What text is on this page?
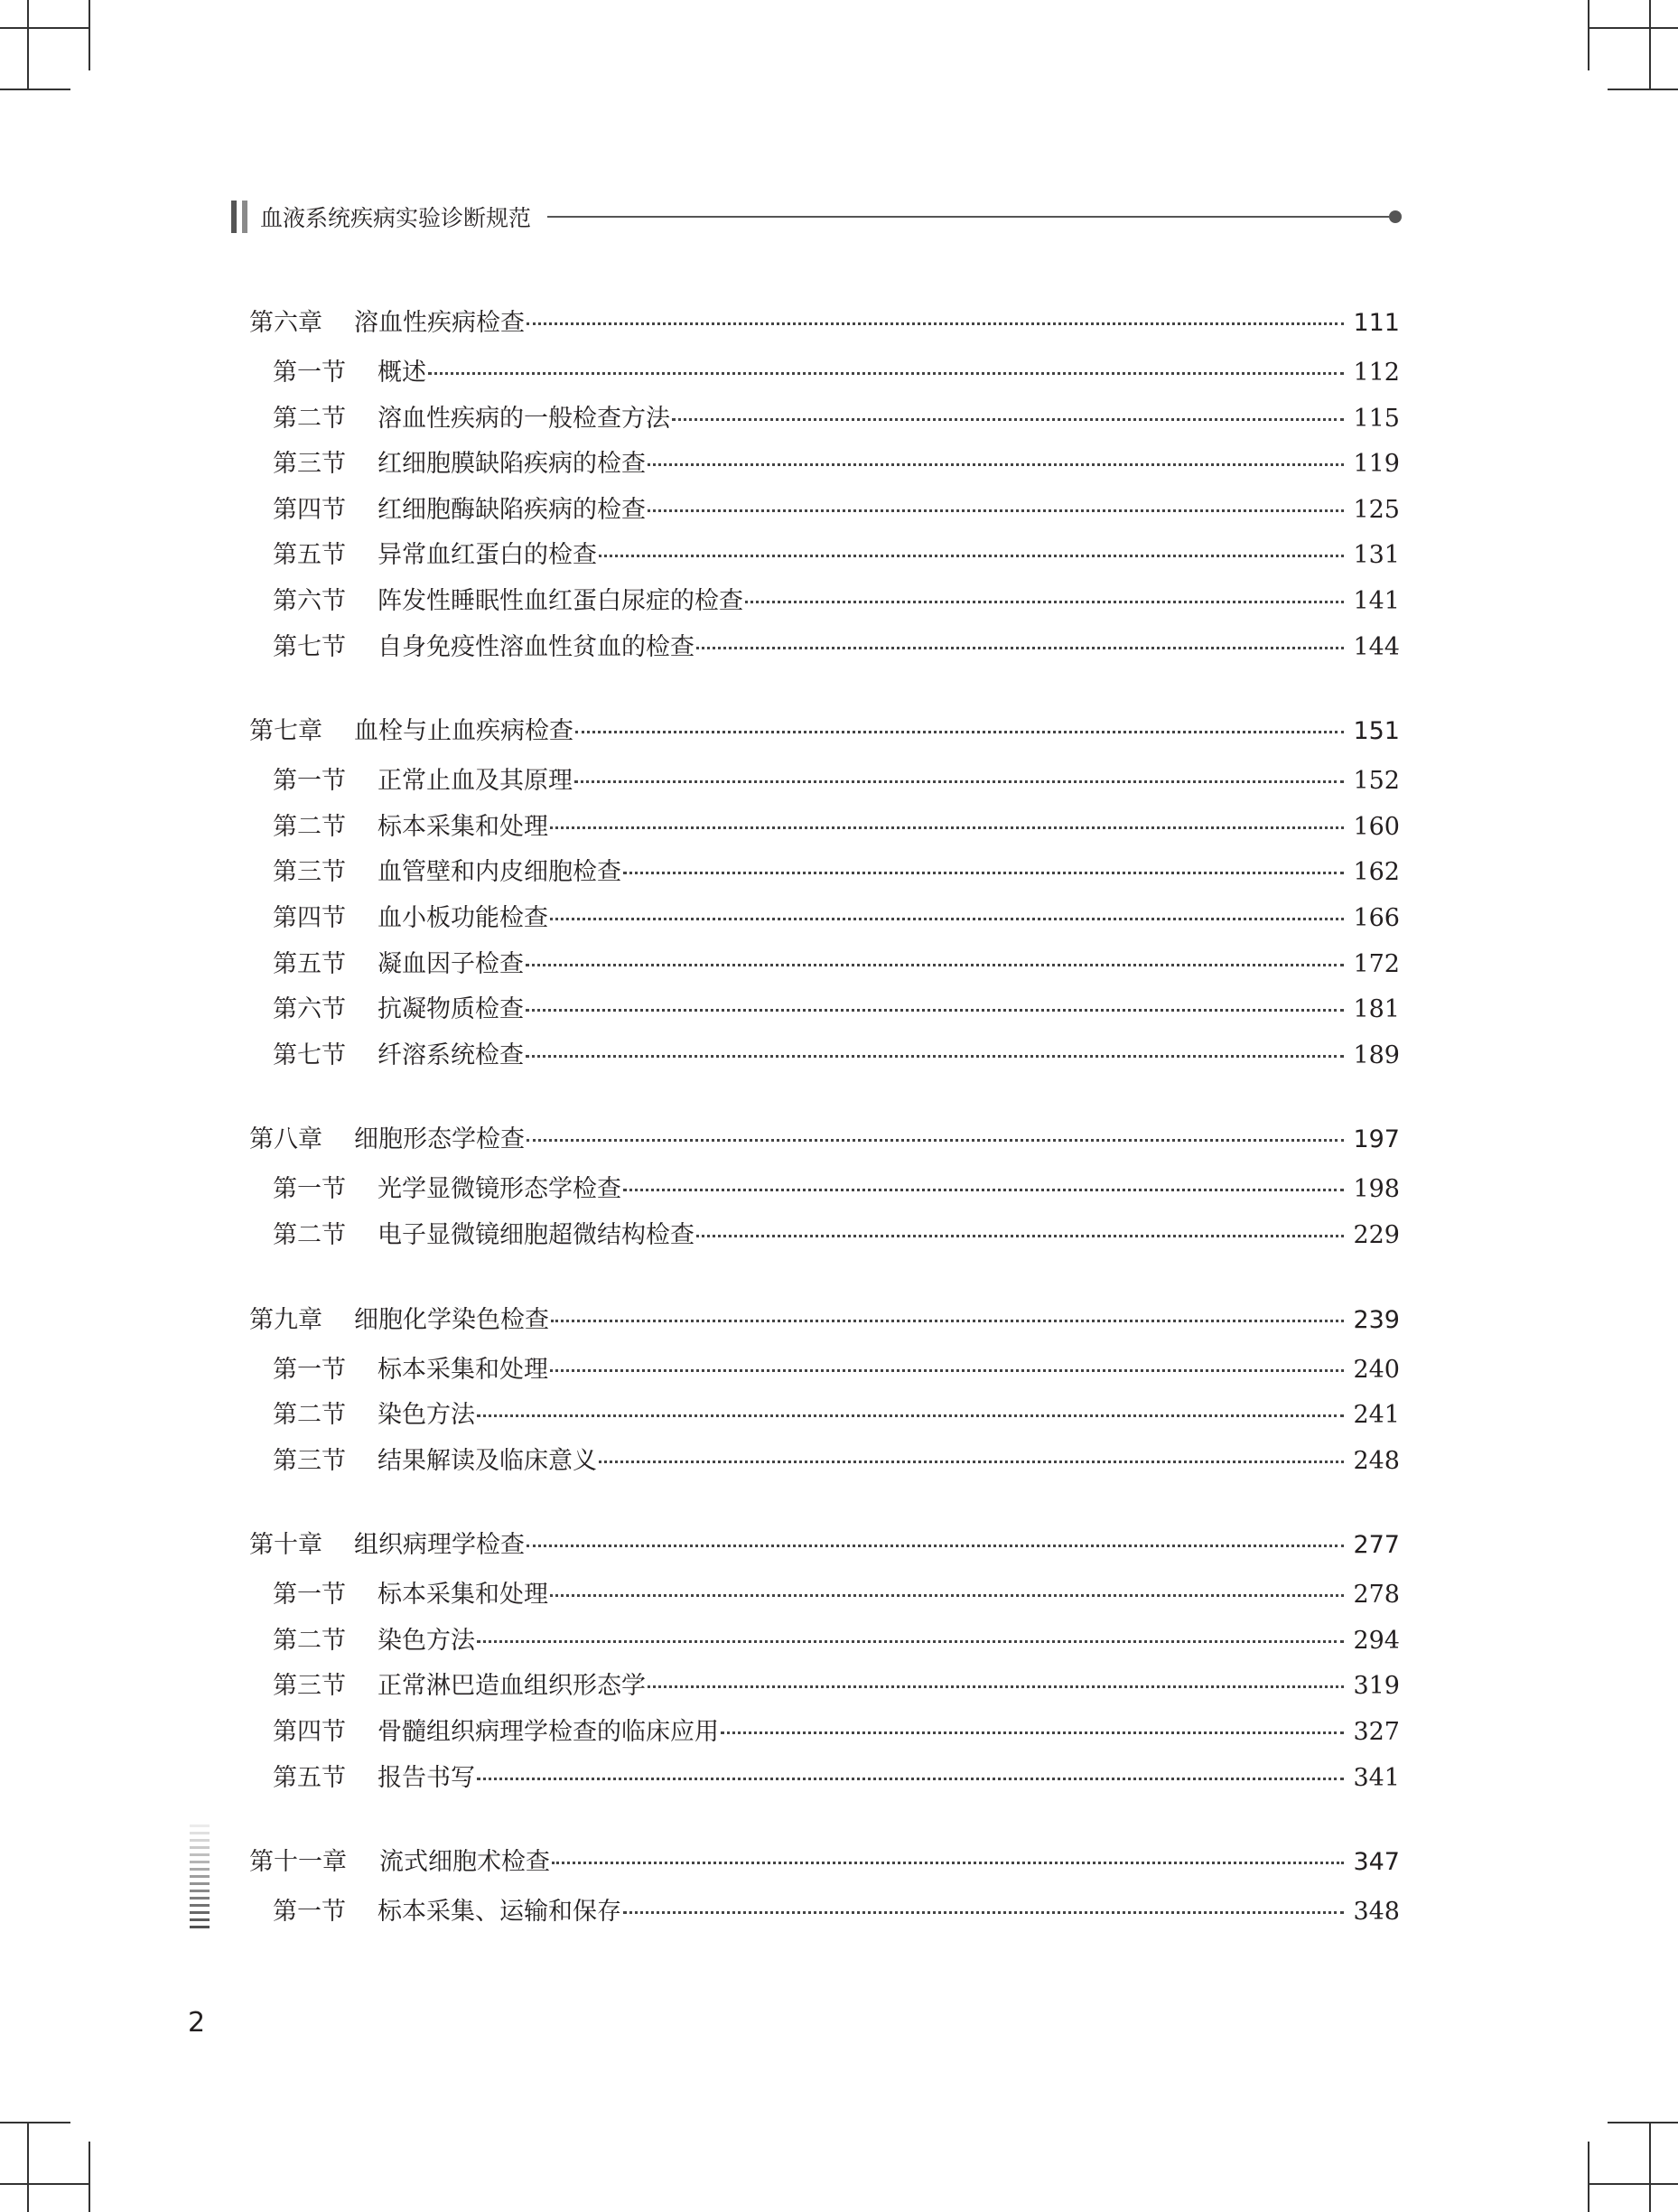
血液系统疾病实验诊断规范
第六章	溶血性疾病检查	111
第一节	概述	112
第二节	溶血性疾病的一般检查方法	115
第三节	红细胞膜缺陷疾病的检查	119
第四节	红细胞酶缺陷疾病的检查	125
第五节	异常血红蛋白的检查	131
第六节	阵发性睡眠性血红蛋白尿症的检查	141
第七节	自身免疫性溶血性贫血的检查	144
第七章	血栓与止血疾病检查	151
第一节	正常止血及其原理	152
第二节	标本采集和处理	160
第三节	血管壁和内皮细胞检查	162
第四节	血小板功能检查	166
第五节	凝血因子检查	172
第六节	抗凝物质检查	181
第七节	纤溶系统检查	189
第八章	细胞形态学检查	197
第一节	光学显微镜形态学检查	198
第二节	电子显微镜细胞超微结构检查	229
第九章	细胞化学染色检查	239
第一节	标本采集和处理	240
第二节	染色方法	241
第三节	结果解读及临床意义	248
第十章	组织病理学检查	277
第一节	标本采集和处理	278
第二节	染色方法	294
第三节	正常淋巴造血组织形态学	319
第四节	骨髓组织病理学检查的临床应用	327
第五节	报告书写	341
第十一章	流式细胞术检查	347
第一节	标本采集、运输和保存	348
2
